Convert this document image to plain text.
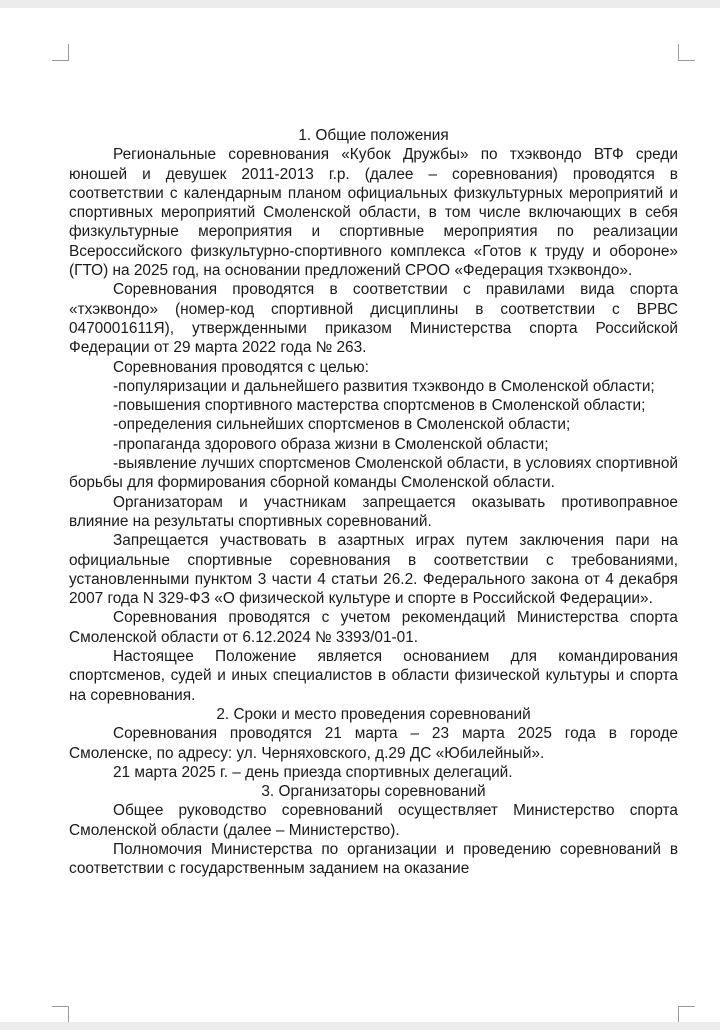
1. Общие положения

Региональные соревнования «Кубок Дружбы» по тхэквондо ВТФ среди юношей и девушек 2011-2013 г.р. (далее – соревнования) проводятся в соответствии с календарным планом официальных физкультурных мероприятий и спортивных мероприятий Смоленской области, в том числе включающих в себя физкультурные мероприятия и спортивные мероприятия по реализации Всероссийского физкультурно-спортивного комплекса «Готов к труду и обороне» (ГТО) на 2025 год, на основании предложений СРОО «Федерация тхэквондо».

Соревнования проводятся в соответствии с правилами вида спорта «тхэквондо» (номер-код спортивной дисциплины в соответствии с ВРВС 0470001611Я), утвержденными приказом Министерства спорта Российской Федерации от 29 марта 2022 года № 263.

Соревнования проводятся с целью:

-популяризации и дальнейшего развития тхэквондо в Смоленской области;

-повышения спортивного мастерства спортсменов в Смоленской области;

-определения сильнейших спортсменов в Смоленской области;

-пропаганда здорового образа жизни в Смоленской области;

-выявление лучших спортсменов Смоленской области, в условиях спортивной борьбы для формирования сборной команды Смоленской области.

Организаторам и участникам запрещается оказывать противоправное влияние на результаты спортивных соревнований.

Запрещается участвовать в азартных играх путем заключения пари на официальные спортивные соревнования в соответствии с требованиями, установленными пунктом 3 части 4 статьи 26.2. Федерального закона от 4 декабря 2007 года N 329-ФЗ «О физической культуре и спорте в Российской Федерации».

Соревнования проводятся с учетом рекомендаций Министерства спорта Смоленской области от 6.12.2024 № 3393/01-01.

Настоящее Положение является основанием для командирования спортсменов, судей и иных специалистов в области физической культуры и спорта на соревнования.

2. Сроки и место проведения соревнований

Соревнования проводятся 21 марта – 23 марта 2025 года в городе Смоленске, по адресу: ул. Черняховского, д.29 ДС «Юбилейный».

21 марта 2025 г. – день приезда спортивных делегаций.

3. Организаторы соревнований

Общее руководство соревнований осуществляет Министерство спорта Смоленской области (далее – Министерство).

Полномочия Министерства по организации и проведению соревнований в соответствии с государственным заданием на оказание
